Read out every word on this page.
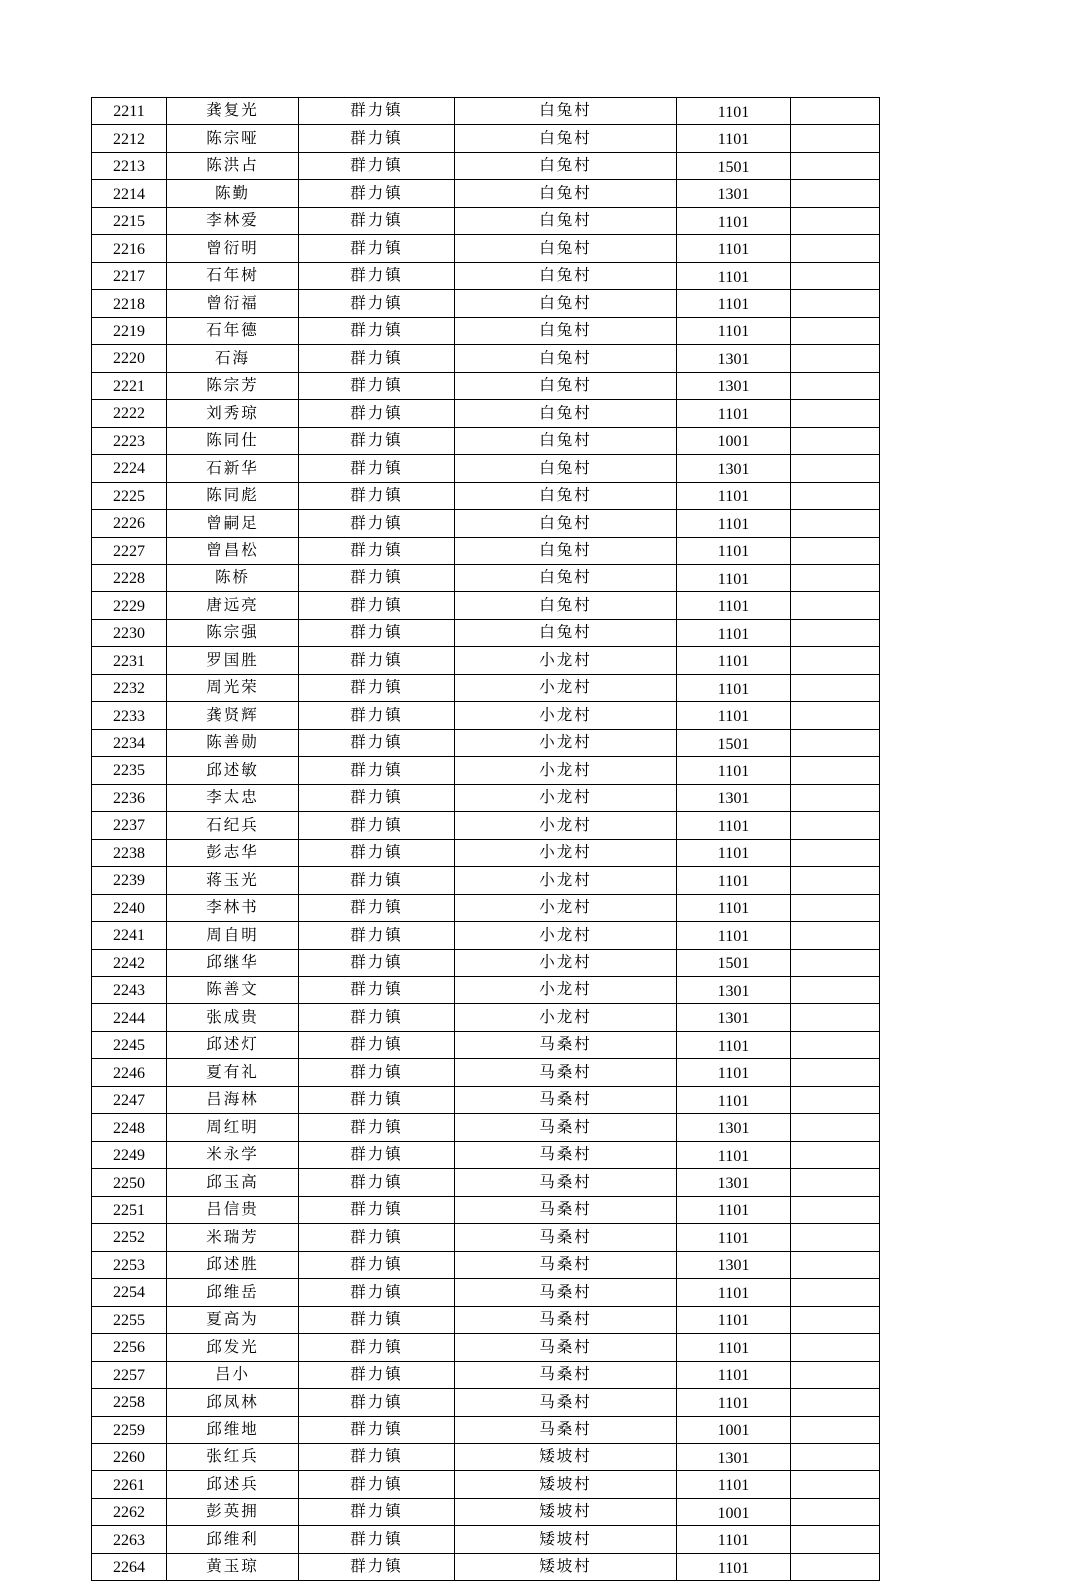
2211	龚复光	群力镇	白兔村	1101	
2212	陈宗哑	群力镇	白兔村	1101	
2213	陈洪占	群力镇	白兔村	1501	
2214	陈勤	群力镇	白兔村	1301	
2215	李林爱	群力镇	白兔村	1101	
2216	曾衍明	群力镇	白兔村	1101	
2217	石年树	群力镇	白兔村	1101	
2218	曾衍福	群力镇	白兔村	1101	
2219	石年德	群力镇	白兔村	1101	
2220	石海	群力镇	白兔村	1301	
2221	陈宗芳	群力镇	白兔村	1301	
2222	刘秀琼	群力镇	白兔村	1101	
2223	陈同仕	群力镇	白兔村	1001	
2224	石新华	群力镇	白兔村	1301	
2225	陈同彪	群力镇	白兔村	1101	
2226	曾嗣足	群力镇	白兔村	1101	
2227	曾昌松	群力镇	白兔村	1101	
2228	陈桥	群力镇	白兔村	1101	
2229	唐远亮	群力镇	白兔村	1101	
2230	陈宗强	群力镇	白兔村	1101	
2231	罗国胜	群力镇	小龙村	1101	
2232	周光荣	群力镇	小龙村	1101	
2233	龚贤辉	群力镇	小龙村	1101	
2234	陈善勋	群力镇	小龙村	1501	
2235	邱述敏	群力镇	小龙村	1101	
2236	李太忠	群力镇	小龙村	1301	
2237	石纪兵	群力镇	小龙村	1101	
2238	彭志华	群力镇	小龙村	1101	
2239	蒋玉光	群力镇	小龙村	1101	
2240	李林书	群力镇	小龙村	1101	
2241	周自明	群力镇	小龙村	1101	
2242	邱继华	群力镇	小龙村	1501	
2243	陈善文	群力镇	小龙村	1301	
2244	张成贵	群力镇	小龙村	1301	
2245	邱述灯	群力镇	马桑村	1101	
2246	夏有礼	群力镇	马桑村	1101	
2247	吕海林	群力镇	马桑村	1101	
2248	周红明	群力镇	马桑村	1301	
2249	米永学	群力镇	马桑村	1101	
2250	邱玉高	群力镇	马桑村	1301	
2251	吕信贵	群力镇	马桑村	1101	
2252	米瑞芳	群力镇	马桑村	1101	
2253	邱述胜	群力镇	马桑村	1301	
2254	邱维岳	群力镇	马桑村	1101	
2255	夏高为	群力镇	马桑村	1101	
2256	邱发光	群力镇	马桑村	1101	
2257	吕小	群力镇	马桑村	1101	
2258	邱凤林	群力镇	马桑村	1101	
2259	邱维地	群力镇	马桑村	1001	
2260	张红兵	群力镇	矮坡村	1301	
2261	邱述兵	群力镇	矮坡村	1101	
2262	彭英拥	群力镇	矮坡村	1001	
2263	邱维利	群力镇	矮坡村	1101	
2264	黄玉琼	群力镇	矮坡村	1101	
